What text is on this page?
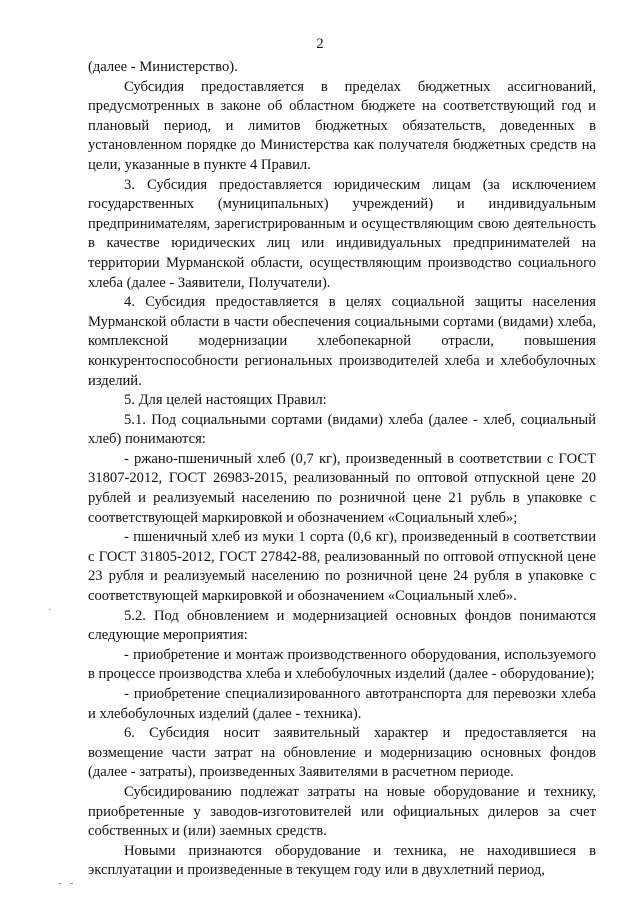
2

(далее - Министерство).

Субсидия предоставляется в пределах бюджетных ассигнований, предусмотренных в законе об областном бюджете на соответствующий год и плановый период, и лимитов бюджетных обязательств, доведенных в установленном порядке до Министерства как получателя бюджетных средств на цели, указанные в пункте 4 Правил.

3. Субсидия предоставляется юридическим лицам (за исключением государственных (муниципальных) учреждений) и индивидуальным предпринимателям, зарегистрированным и осуществляющим свою деятельность в качестве юридических лиц или индивидуальных предпринимателей на территории Мурманской области, осуществляющим производство социального хлеба (далее - Заявители, Получатели).

4. Субсидия предоставляется в целях социальной защиты населения Мурманской области в части обеспечения социальными сортами (видами) хлеба, комплексной модернизации хлебопекарной отрасли, повышения конкурентоспособности региональных производителей хлеба и хлебобулочных изделий.

5. Для целей настоящих Правил:

5.1. Под социальными сортами (видами) хлеба (далее - хлеб, социальный хлеб) понимаются:

- ржано-пшеничный хлеб (0,7 кг), произведенный в соответствии с ГОСТ 31807-2012, ГОСТ 26983-2015, реализованный по оптовой отпускной цене 20 рублей и реализуемый населению по розничной цене 21 рубль в упаковке с соответствующей маркировкой и обозначением «Социальный хлеб»;

- пшеничный хлеб из муки 1 сорта (0,6 кг), произведенный в соответствии с ГОСТ 31805-2012, ГОСТ 27842-88, реализованный по оптовой отпускной цене 23 рубля и реализуемый населению по розничной цене 24 рубля в упаковке с соответствующей маркировкой и обозначением «Социальный хлеб».

5.2. Под обновлением и модернизацией основных фондов понимаются следующие мероприятия:

- приобретение и монтаж производственного оборудования, используемого в процессе производства хлеба и хлебобулочных изделий (далее - оборудование);

- приобретение специализированного автотранспорта для перевозки хлеба и хлебобулочных изделий (далее - техника).

6. Субсидия носит заявительный характер и предоставляется на возмещение части затрат на обновление и модернизацию основных фондов (далее - затраты), произведенных Заявителями в расчетном периоде.

Субсидированию подлежат затраты на новые оборудование и технику, приобретенные у заводов-изготовителей или официальных дилеров за счет собственных и (или) заемных средств.

Новыми признаются оборудование и техника, не находившиеся в эксплуатации и произведенные в текущем году или в двухлетний период,

·
- -
